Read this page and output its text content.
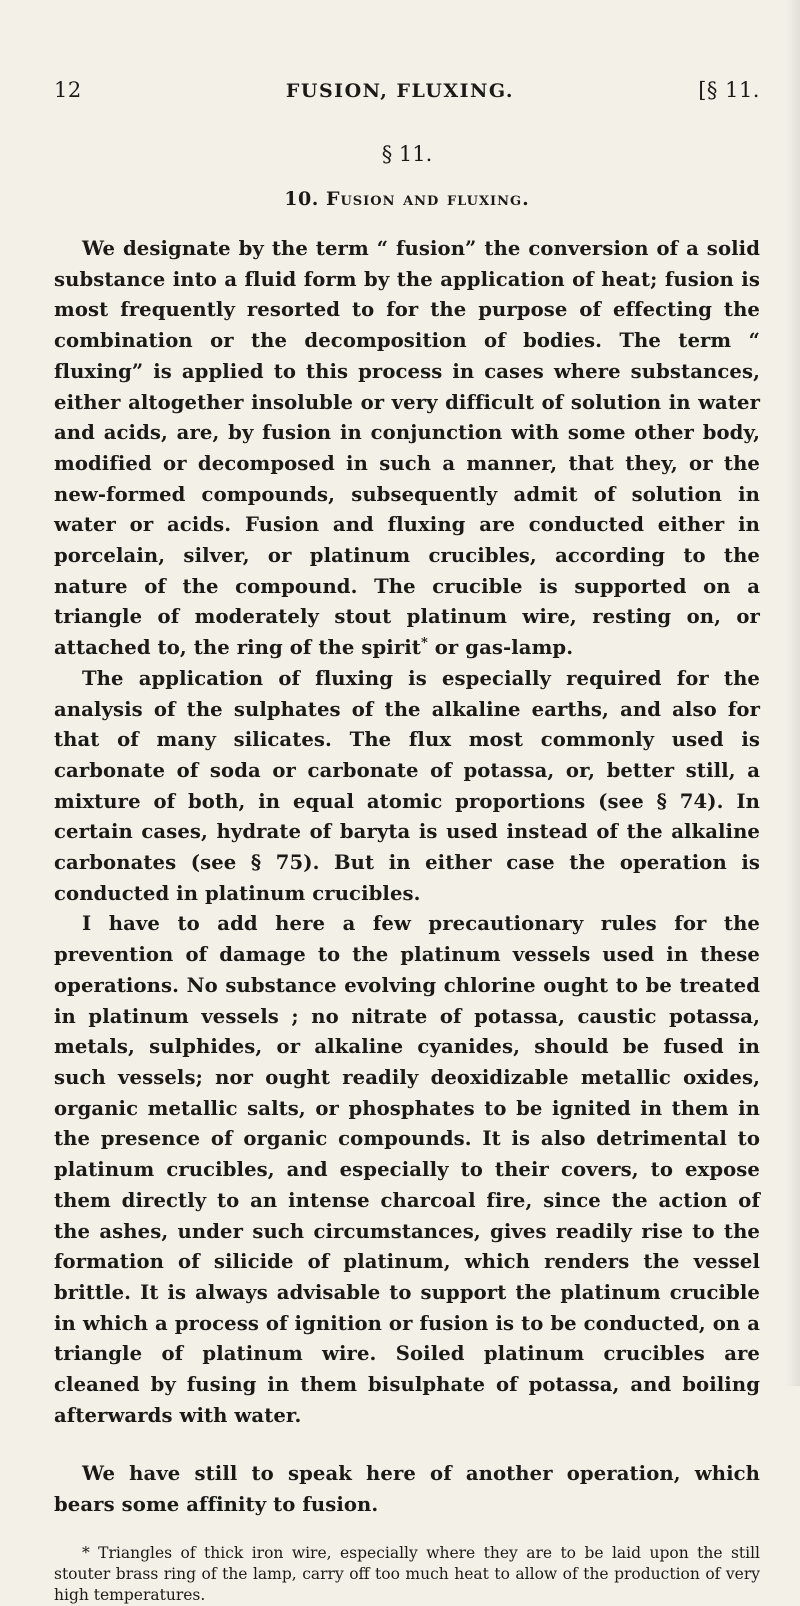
12	FUSION, FLUXING.	[§ 11.
§ 11.
10. Fusion and fluxing.

We designate by the term “ fusion” the conversion of a solid substance into a fluid form by the application of heat; fusion is most frequently resorted to for the purpose of effecting the combination or the decomposition of bodies. The term “ fluxing” is applied to this process in cases where substances, either altogether insoluble or very difficult of solution in water and acids, are, by fusion in conjunction with some other body, modified or decomposed in such a manner, that they, or the new-formed compounds, subsequently admit of solution in water or acids. Fusion and fluxing are conducted either in porcelain, silver, or platinum crucibles, according to the nature of the compound. The crucible is supported on a triangle of moderately stout platinum wire, resting on, or attached to, the ring of the spirit* or gas-lamp.

The application of fluxing is especially required for the analysis of the sulphates of the alkaline earths, and also for that of many silicates. The flux most commonly used is carbonate of soda or carbonate of potassa, or, better still, a mixture of both, in equal atomic proportions (see § 74). In certain cases, hydrate of baryta is used instead of the alkaline carbonates (see § 75). But in either case the operation is conducted in platinum crucibles.

I have to add here a few precautionary rules for the prevention of damage to the platinum vessels used in these operations. No substance evolving chlorine ought to be treated in platinum vessels ; no nitrate of potassa, caustic potassa, metals, sulphides, or alkaline cyanides, should be fused in such vessels; nor ought readily deoxidizable metallic oxides, organic metallic salts, or phosphates to be ignited in them in the presence of organic compounds. It is also detrimental to platinum crucibles, and especially to their covers, to expose them directly to an intense charcoal fire, since the action of the ashes, under such circumstances, gives readily rise to the formation of silicide of platinum, which renders the vessel brittle. It is always advisable to support the platinum crucible in which a process of ignition or fusion is to be conducted, on a triangle of platinum wire. Soiled platinum crucibles are cleaned by fusing in them bisulphate of potassa, and boiling afterwards with water.

We have still to speak here of another operation, which bears some affinity to fusion.

* Triangles of thick iron wire, especially where they are to be laid upon the still stouter brass ring of the lamp, carry off too much heat to allow of the production of very high temperatures.
